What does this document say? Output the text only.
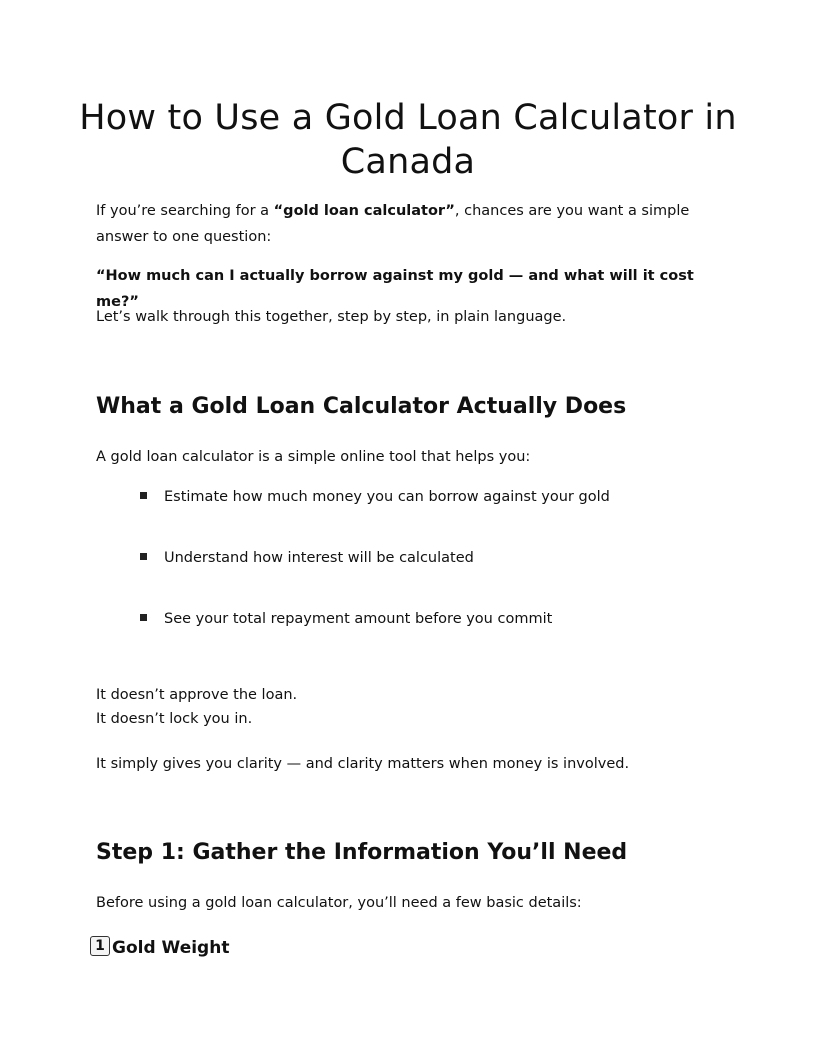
How to Use a Gold Loan Calculator in Canada

If you’re searching for a “gold loan calculator”, chances are you want a simple answer to one question:

“How much can I actually borrow against my gold — and what will it cost me?”

Let’s walk through this together, step by step, in plain language.

What a Gold Loan Calculator Actually Does

A gold loan calculator is a simple online tool that helps you:

Estimate how much money you can borrow against your gold
Understand how interest will be calculated
See your total repayment amount before you commit

It doesn’t approve the loan.
It doesn’t lock you in.

It simply gives you clarity — and clarity matters when money is involved.

Step 1: Gather the Information You’ll Need

Before using a gold loan calculator, you’ll need a few basic details:

1 Gold Weight
